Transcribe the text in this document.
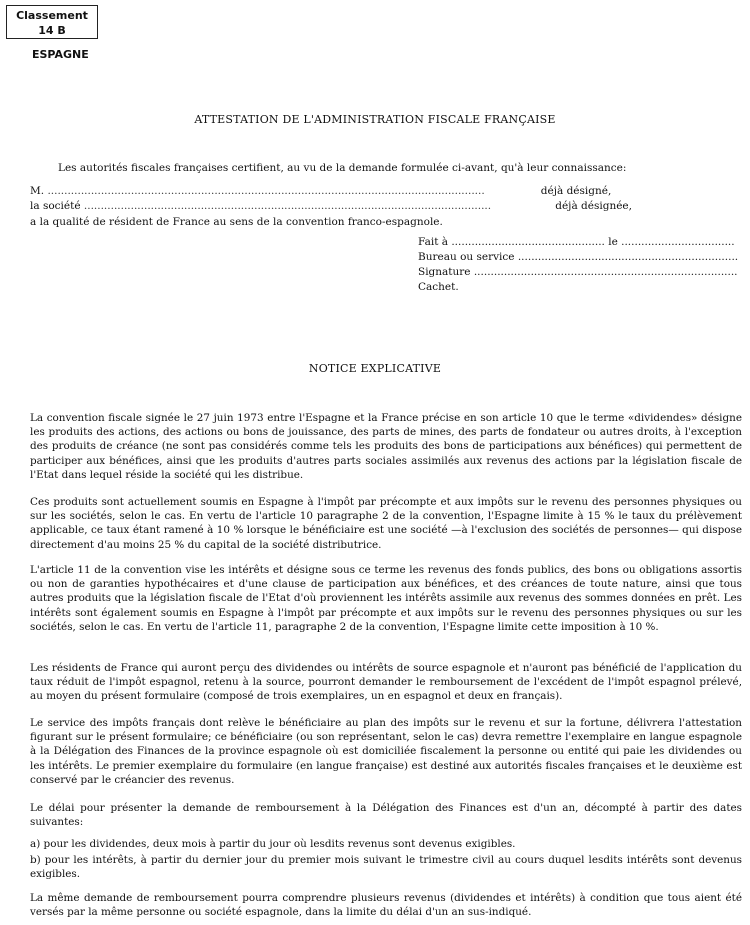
Classement
14 B
ESPAGNE
ATTESTATION DE L'ADMINISTRATION FISCALE FRANÇAISE
Les autorités fiscales françaises certifient, au vu de la demande formulée ci-avant, qu'à leur connaissance:
M. ...................................................................................................................................	déjà désigné,
la société ..........................................................................................................................	déjà désignée,
a la qualité de résident de France au sens de la convention franco-espagnole.
Fait à .............................................. le ..................................
Bureau ou service ..................................................................
Signature ...............................................................................
Cachet.
NOTICE EXPLICATIVE
La convention fiscale signée le 27 juin 1973 entre l'Espagne et la France précise en son article 10 que le terme «dividendes» désigne les produits des actions, des actions ou bons de jouissance, des parts de mines, des parts de fondateur ou autres droits, à l'exception des produits de créance (ne sont pas considérés comme tels les produits des bons de participations aux bénéfices) qui permettent de participer aux bénéfices, ainsi que les produits d'autres parts sociales assimilés aux revenus des actions par la législation fiscale de l'Etat dans lequel réside la société qui les distribue.
Ces produits sont actuellement soumis en Espagne à l'impôt par précompte et aux impôts sur le revenu des personnes physiques ou sur les sociétés, selon le cas. En vertu de l'article 10 paragraphe 2 de la convention, l'Espagne limite à 15 % le taux du prélèvement applicable, ce taux étant ramené à 10 % lorsque le bénéficiaire est une société —à l'exclusion des sociétés de personnes— qui dispose directement d'au moins 25 % du capital de la société distributrice.
L'article 11 de la convention vise les intérêts et désigne sous ce terme les revenus des fonds publics, des bons ou obligations assortis ou non de garanties hypothécaires et d'une clause de participation aux bénéfices, et des créances de toute nature, ainsi que tous autres produits que la législation fiscale de l'Etat d'où proviennent les intérêts assimile aux revenus des sommes données en prêt. Les intérêts sont également soumis en Espagne à l'impôt par précompte et aux impôts sur le revenu des personnes physiques ou sur les sociétés, selon le cas. En vertu de l'article 11, paragraphe 2 de la convention, l'Espagne limite cette imposition à 10 %.
Les résidents de France qui auront perçu des dividendes ou intérêts de source espagnole et n'auront pas bénéficié de l'application du taux réduit de l'impôt espagnol, retenu à la source, pourront demander le remboursement de l'excédent de l'impôt espagnol prélevé, au moyen du présent formulaire (composé de trois exemplaires, un en espagnol et deux en français).
Le service des impôts français dont relève le bénéficiaire au plan des impôts sur le revenu et sur la fortune, délivrera l'attestation figurant sur le présent formulaire; ce bénéficiaire (ou son représentant, selon le cas) devra remettre l'exemplaire en langue espagnole à la Délégation des Finances de la province espagnole où est domiciliée fiscalement la personne ou entité qui paie les dividendes ou les intérêts. Le premier exemplaire du formulaire (en langue française) est destiné aux autorités fiscales françaises et le deuxième est conservé par le créancier des revenus.
Le délai pour présenter la demande de remboursement à la Délégation des Finances est d'un an, décompté à partir des dates suivantes:
a) pour les dividendes, deux mois à partir du jour où lesdits revenus sont devenus exigibles.
b) pour les intérêts, à partir du dernier jour du premier mois suivant le trimestre civil au cours duquel lesdits intérêts sont devenus exigibles.
La même demande de remboursement pourra comprendre plusieurs revenus (dividendes et intérêts) à condition que tous aient été versés par la même personne ou société espagnole, dans la limite du délai d'un an sus-indiqué.
